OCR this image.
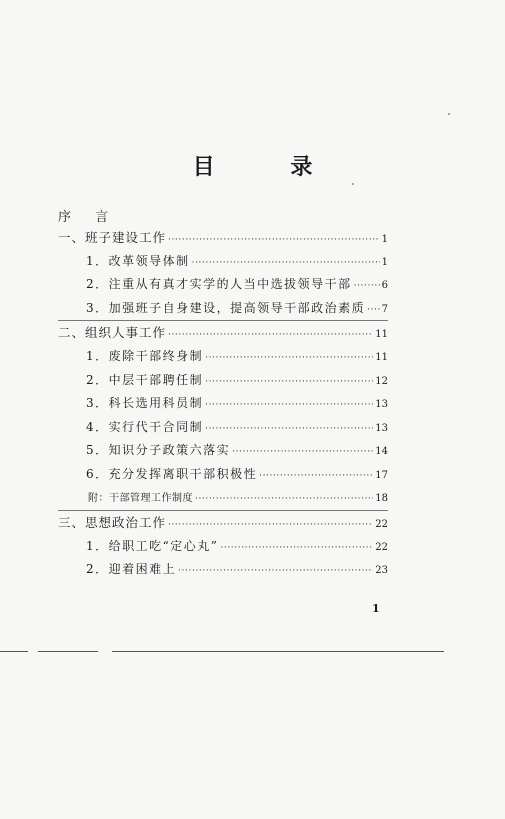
目 录
序 言
一、班子建设工作 ·····	1
1．改革领导体制 ·····	1
2．注重从有真才实学的人当中选拔领导干部 ·····	6
3．加强班子自身建设，提高领导干部政治素质 ····· 7
二、组织人事工作 ·····	11
1．废除干部终身制 ·····	11
2．中层干部聘任制 ·····	12
3．科长选用科员制 ·····	13
4．实行代干合同制 ·····	13
5．知识分子政策六落实 ·····	14
6．充分发挥离职干部积极性 ·····	17
附：干部管理工作制度 ·····	18
三、思想政治工作 ·····	22
1．给职工吃“定心丸” ·····	22
2．迎着困难上 ·····	23
1
